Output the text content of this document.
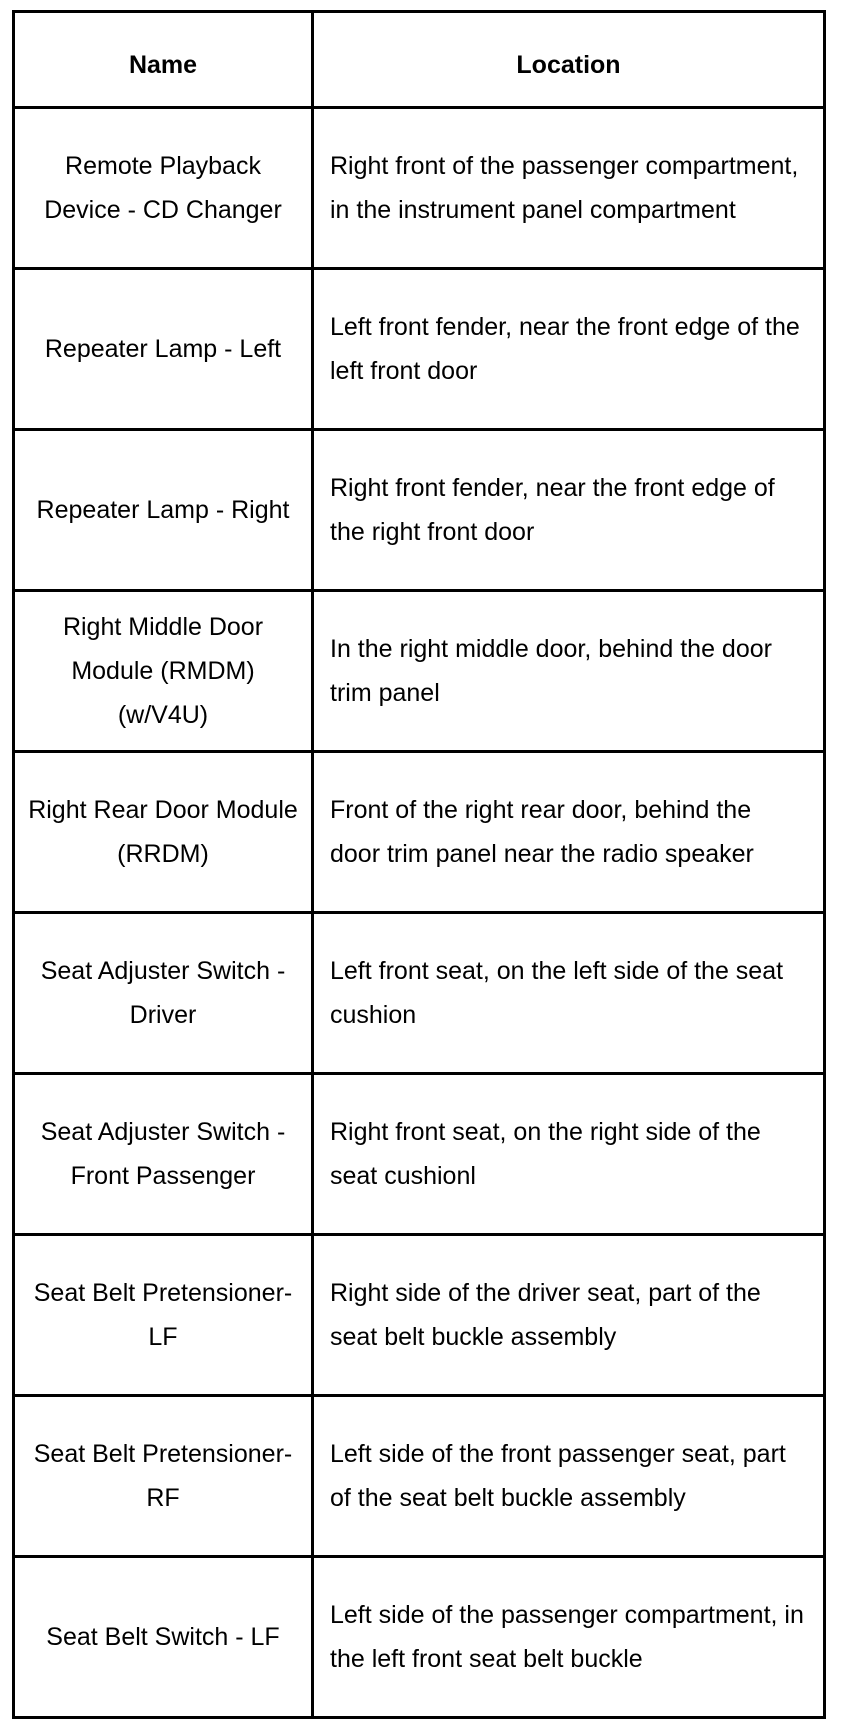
Name	Location
Remote Playback Device - CD Changer	Right front of the passenger compartment, in the instrument panel compartment
Repeater Lamp - Left	Left front fender, near the front edge of the left front door
Repeater Lamp - Right	Right front fender, near the front edge of the right front door
Right Middle Door Module (RMDM) (w/V4U)	In the right middle door, behind the door trim panel
Right Rear Door Module (RRDM)	Front of the right rear door, behind the door trim panel near the radio speaker
Seat Adjuster Switch - Driver	Left front seat, on the left side of the seat cushion
Seat Adjuster Switch - Front Passenger	Right front seat, on the right side of the seat cushionl
Seat Belt Pretensioner- LF	Right side of the driver seat, part of the seat belt buckle assembly
Seat Belt Pretensioner- RF	Left side of the front passenger seat, part of the seat belt buckle assembly
Seat Belt Switch - LF	Left side of the passenger compartment, in the left front seat belt buckle
